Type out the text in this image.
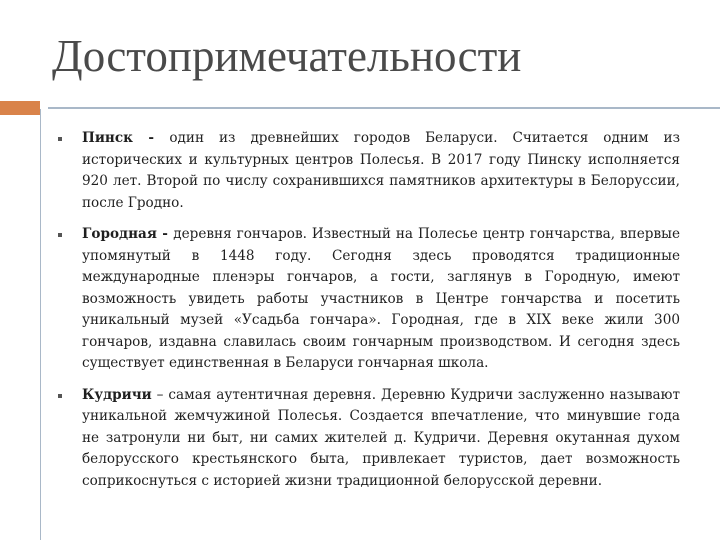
Достопримечательности
Пинск - один из древнейших городов Беларуси. Считается одним из исторических и культурных центров Полесья. В 2017 году Пинску исполняется 920 лет. Второй по числу сохранившихся памятников архитектуры в Белоруссии, после Гродно.
Городная - деревня гончаров. Известный на Полесье центр гончарства, впервые упомянутый в 1448 году. Сегодня здесь проводятся традиционные международные пленэры гончаров, а гости, заглянув в Городную, имеют возможность увидеть работы участников в Центре гончарства и посетить уникальный музей «Усадьба гончара». Городная, где в XIX веке жили 300 гончаров, издавна славилась своим гончарным производством. И сегодня здесь существует единственная в Беларуси гончарная школа.
Кудричи – самая аутентичная деревня. Деревню Кудричи заслуженно называют уникальной жемчужиной Полесья. Создается впечатление, что минувшие года не затронули ни быт, ни самих жителей д. Кудричи. Деревня окутанная духом белорусского крестьянского быта, привлекает туристов, дает возможность соприкоснуться с историей жизни традиционной белорусской деревни.
